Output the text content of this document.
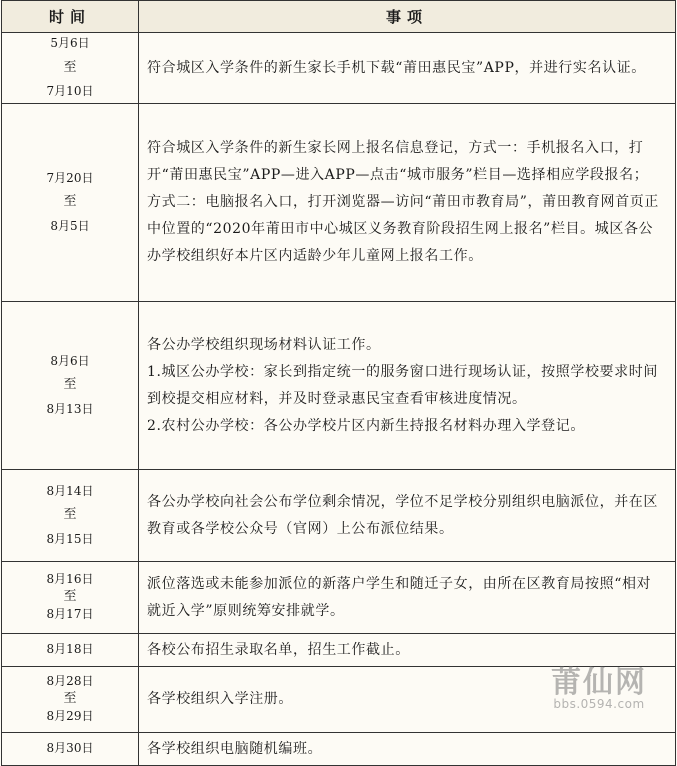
时间	事项

5月6日
至
7月10日	符合城区入学条件的新生家长手机下载“莆田惠民宝”APP，并进行实名认证。

7月20日
至
8月5日	符合城区入学条件的新生家长网上报名信息登记，方式一：手机报名入口，打开“莆田惠民宝”APP—进入APP—点击“城市服务”栏目—选择相应学段报名；方式二：电脑报名入口，打开浏览器—访问“莆田市教育局”，莆田教育网首页正中位置的“2020年莆田市中心城区义务教育阶段招生网上报名”栏目。城区各公办学校组织好本片区内适龄少年儿童网上报名工作。

8月6日
至
8月13日	各公办学校组织现场材料认证工作。
1.城区公办学校：家长到指定统一的服务窗口进行现场认证，按照学校要求时间到校提交相应材料，并及时登录惠民宝查看审核进度情况。
2.农村公办学校：各公办学校片区内新生持报名材料办理入学登记。

8月14日
至
8月15日	各公办学校向社会公布学位剩余情况，学位不足学校分别组织电脑派位，并在区教育或各学校公众号（官网）上公布派位结果。

8月16日
至
8月17日	派位落选或未能参加派位的新落户学生和随迁子女，由所在区教育局按照“相对就近入学”原则统筹安排就学。

8月18日	各校公布招生录取名单，招生工作截止。

8月28日
至
8月29日	各学校组织入学注册。

8月30日	各学校组织电脑随机编班。
莆仙网
bbs.0594.com
